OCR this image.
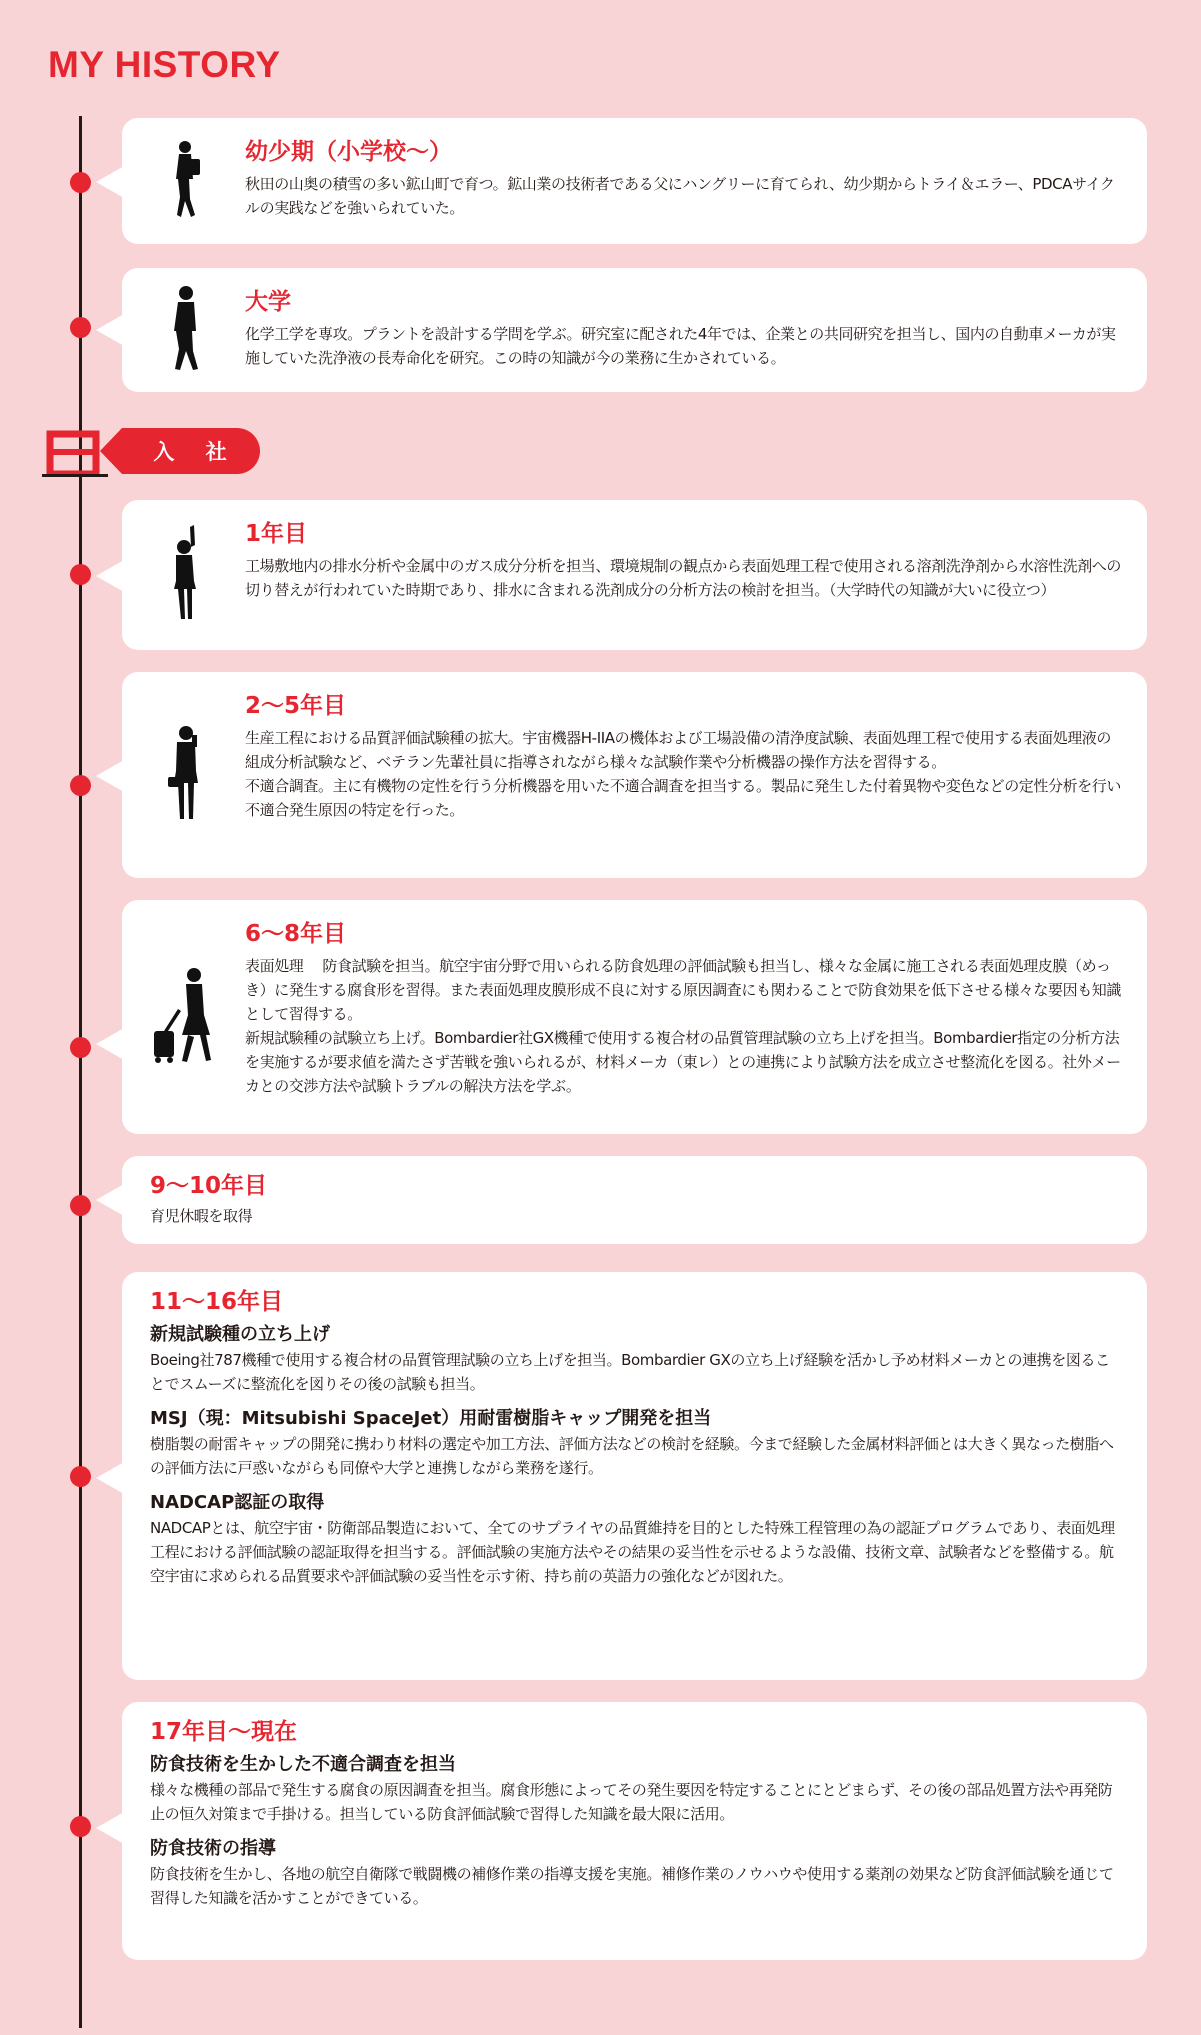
MY HISTORY
入 社
幼少期（小学校〜）
秋田の山奥の積雪の多い鉱山町で育つ。鉱山業の技術者である父にハングリーに育てられ、幼少期からトライ＆エラー、PDCAサイクルの実践などを強いられていた。
大学
化学工学を専攻。プラントを設計する学問を学ぶ。研究室に配された4年では、企業との共同研究を担当し、国内の自動車メーカが実施していた洗浄液の長寿命化を研究。この時の知識が今の業務に生かされている。
1年目
工場敷地内の排水分析や金属中のガス成分分析を担当、環境規制の観点から表面処理工程で使用される溶剤洗浄剤から水溶性洗剤への切り替えが行われていた時期であり、排水に含まれる洗剤成分の分析方法の検討を担当。（大学時代の知識が大いに役立つ）
2〜5年目
生産工程における品質評価試験種の拡大。宇宙機器H-IIAの機体および工場設備の清浄度試験、表面処理工程で使用する表面処理液の組成分析試験など、ベテラン先輩社員に指導されながら様々な試験作業や分析機器の操作方法を習得する。
不適合調査。主に有機物の定性を行う分析機器を用いた不適合調査を担当する。製品に発生した付着異物や変色などの定性分析を行い不適合発生原因の特定を行った。
6〜8年目
表面処理　 防食試験を担当。航空宇宙分野で用いられる防食処理の評価試験も担当し、様々な金属に施工される表面処理皮膜（めっき）に発生する腐食形を習得。また表面処理皮膜形成不良に対する原因調査にも関わることで防食効果を低下させる様々な要因も知識として習得する。
新規試験種の試験立ち上げ。Bombardier社GX機種で使用する複合材の品質管理試験の立ち上げを担当。Bombardier指定の分析方法を実施するが要求値を満たさず苦戦を強いられるが、材料メーカ（東レ）との連携により試験方法を成立させ整流化を図る。社外メーカとの交渉方法や試験トラブルの解決方法を学ぶ。
9〜10年目
育児休暇を取得
11〜16年目
新規試験種の立ち上げ
Boeing社787機種で使用する複合材の品質管理試験の立ち上げを担当。Bombardier GXの立ち上げ経験を活かし予め材料メーカとの連携を図ることでスムーズに整流化を図りその後の試験も担当。
MSJ（現：Mitsubishi SpaceJet）用耐雷樹脂キャップ開発を担当
樹脂製の耐雷キャップの開発に携わり材料の選定や加工方法、評価方法などの検討を経験。今まで経験した金属材料評価とは大きく異なった樹脂への評価方法に戸惑いながらも同僚や大学と連携しながら業務を遂行。
NADCAP認証の取得
NADCAPとは、航空宇宙・防衛部品製造において、全てのサプライヤの品質維持を目的とした特殊工程管理の為の認証プログラムであり、表面処理工程における評価試験の認証取得を担当する。評価試験の実施方法やその結果の妥当性を示せるような設備、技術文章、試験者などを整備する。航空宇宙に求められる品質要求や評価試験の妥当性を示す術、持ち前の英語力の強化などが図れた。
17年目〜現在
防食技術を生かした不適合調査を担当
様々な機種の部品で発生する腐食の原因調査を担当。腐食形態によってその発生要因を特定することにとどまらず、その後の部品処置方法や再発防止の恒久対策まで手掛ける。担当している防食評価試験で習得した知識を最大限に活用。
防食技術の指導
防食技術を生かし、各地の航空自衛隊で戦闘機の補修作業の指導支援を実施。補修作業のノウハウや使用する薬剤の効果など防食評価試験を通じて習得した知識を活かすことができている。
